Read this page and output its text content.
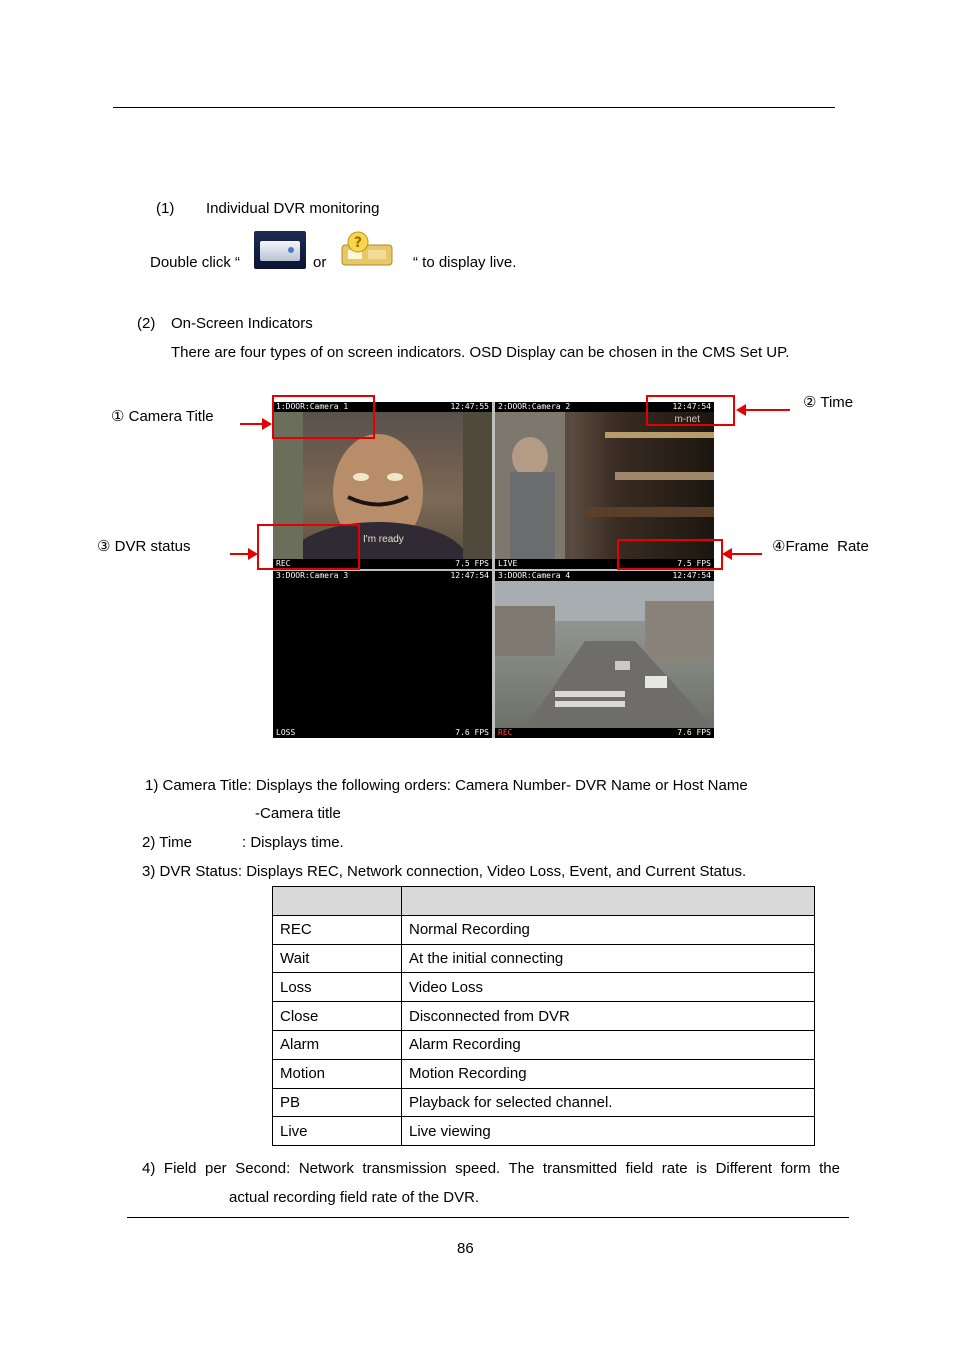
(1) Individual DVR monitoring
Double click “	or
?
“ to display live.
(2) On-Screen Indicators
There are four types of on screen indicators. OSD Display can be chosen in the CMS Set UP.
① Camera Title
② Time
③ DVR status	④Frame  Rate
I'm ready
1:DOOR:Camera 1	12:47:55
REC	7.5 FPS
m-net
2:DOOR:Camera 2	12:47:54
LIVE	7.5 FPS
3:DOOR:Camera 3	12:47:54
LOSS	7.6 FPS
3:DOOR:Camera 4	12:47:54
REC	7.6 FPS
1) Camera Title: Displays the following orders: Camera Number- DVR Name or Host Name
-Camera title
2) Time            : Displays time.
3) DVR Status: Displays REC, Network connection, Video Loss, Event, and Current Status.

REC	Normal Recording
Wait	At the initial connecting
Loss	Video Loss
Close	Disconnected from DVR
Alarm	Alarm Recording
Motion	Motion Recording
PB	Playback for selected channel.
Live	Live viewing
4) Field per Second: Network transmission speed. The transmitted field rate is Different form the
actual recording field rate of the DVR.
86
